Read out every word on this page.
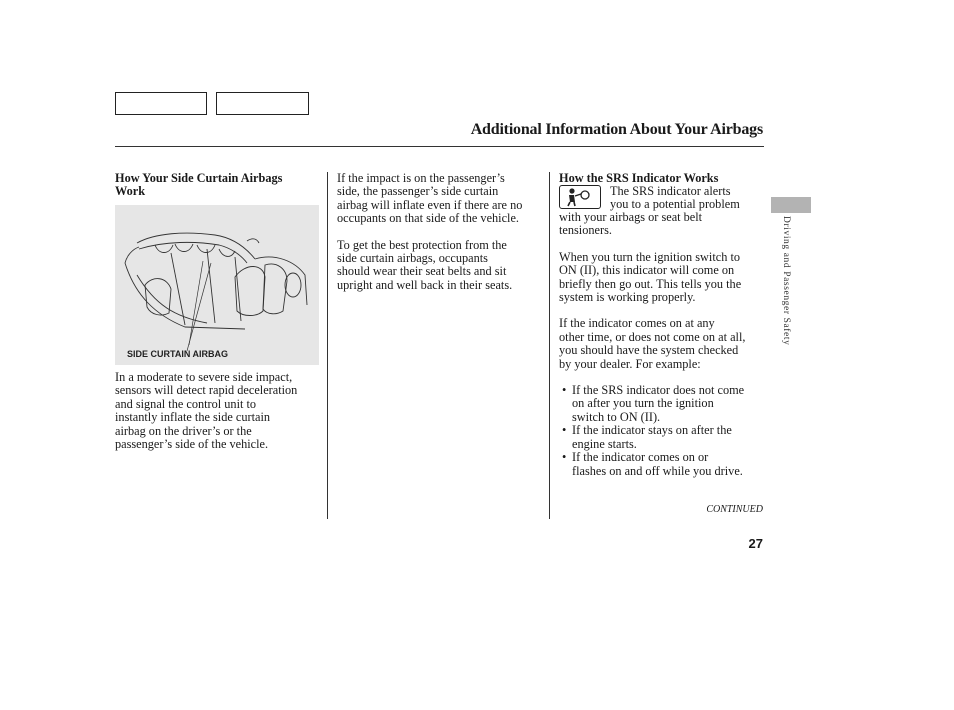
Additional Information About Your Airbags

How Your Side Curtain Airbags
Work

SIDE CURTAIN AIRBAG

In a moderate to severe side impact,
sensors will detect rapid deceleration
and signal the control unit to
instantly inflate the side curtain
airbag on the driver’s or the
passenger’s side of the vehicle.

If the impact is on the passenger’s
side, the passenger’s side curtain
airbag will inflate even if there are no
occupants on that side of the vehicle.

To get the best protection from the
side curtain airbags, occupants
should wear their seat belts and sit
upright and well back in their seats.

How the SRS Indicator Works

The SRS indicator alerts
you to a potential problem

with your airbags or seat belt
tensioners.

When you turn the ignition switch to
ON (II), this indicator will come on
briefly then go out. This tells you the
system is working properly.

If the indicator comes on at any
other time, or does not come on at all,
you should have the system checked
by your dealer. For example:

• If the SRS indicator does not come
on after you turn the ignition
switch to ON (II).
• If the indicator stays on after the
engine starts.
• If the indicator comes on or
flashes on and off while you drive.
Driving and Passenger Safety
CONTINUED
27
